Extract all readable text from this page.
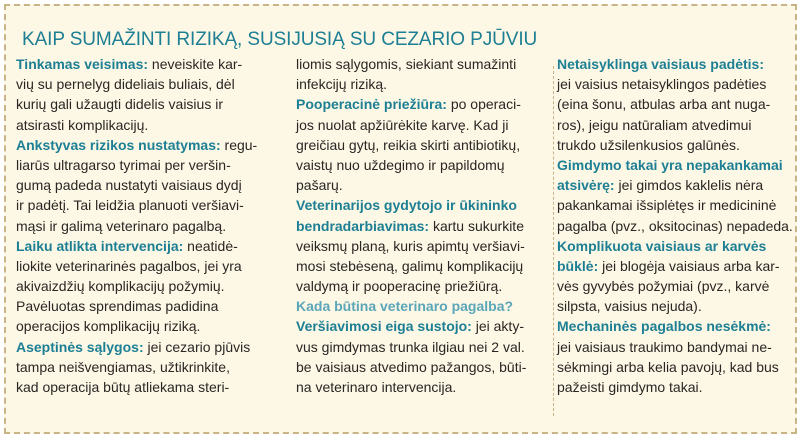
KAIP SUMAŽINTI RIZIKĄ, SUSIJUSIĄ SU CEZARIO PJŪVIU
Tinkamas veisimas: neveiskite kar-
vių su pernelyg dideliais buliais, dėl
kurių gali užaugti didelis vaisius ir
atsirasti komplikacijų.
Ankstyvas rizikos nustatymas: regu-
liarūs ultragarso tyrimai per veršin-
gumą padeda nustatyti vaisiaus dydį
ir padėtį. Tai leidžia planuoti veršiavi-
mąsi ir galimą veterinaro pagalbą.
Laiku atlikta intervencija: neatidė-
liokite veterinarinės pagalbos, jei yra
akivaizdžių komplikacijų požymių.
Pavėluotas sprendimas padidina
operacijos komplikacijų riziką.
Aseptinės sąlygos: jei cezario pjūvis
tampa neišvengiamas, užtikrinkite,
kad operacija būtų atliekama steri-
liomis sąlygomis, siekiant sumažinti
infekcijų riziką.
Pooperacinė priežiūra: po operaci-
jos nuolat apžiūrėkite karvę. Kad ji
greičiau gytų, reikia skirti antibiotikų,
vaistų nuo uždegimo ir papildomų
pašarų.
Veterinarijos gydytojo ir ūkininko
bendradarbiavimas: kartu sukurkite
veiksmų planą, kuris apimtų veršiavi-
mosi stebėseną, galimų komplikacijų
valdymą ir pooperacinę priežiūrą.
Kada būtina veterinaro pagalba?
Veršiavimosi eiga sustojo: jei akty-
vus gimdymas trunka ilgiau nei 2 val.
be vaisiaus atvedimo pažangos, būti-
na veterinaro intervencija.
Netaisyklinga vaisiaus padėtis:
jei vaisius netaisyklingos padėties
(eina šonu, atbulas arba ant nuga-
ros), jeigu natūraliam atvedimui
trukdo užsilenkusios galūnės.
Gimdymo takai yra nepakankamai
atsivėrę: jei gimdos kaklelis nėra
pakankamai išsiplėtęs ir medicininė
pagalba (pvz., oksitocinas) nepadeda.
Komplikuota vaisiaus ar karvės
būklė: jei blogėja vaisiaus arba kar-
vės gyvybės požymiai (pvz., karvė
silpsta, vaisius nejuda).
Mechaninės pagalbos nesėkmė:
jei vaisiaus traukimo bandymai ne-
sėkmingi arba kelia pavojų, kad bus
pažeisti gimdymo takai.
